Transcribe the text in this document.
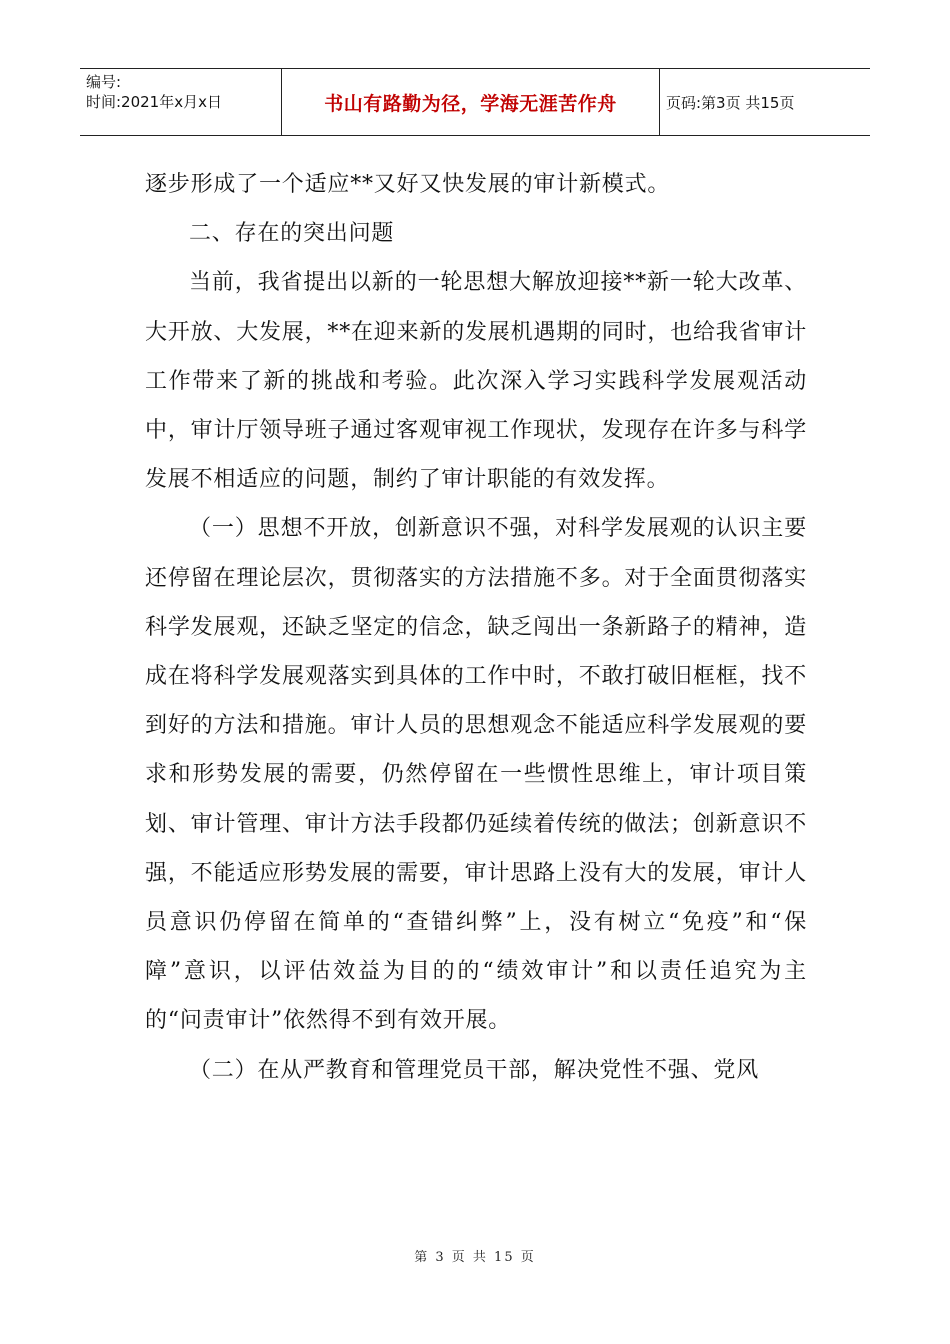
编号:
时间:2021年x月x日	书山有路勤为径，学海无涯苦作舟	页码:第3页 共15页

逐步形成了一个适应**又好又快发展的审计新模式。

二、存在的突出问题

当前，我省提出以新的一轮思想大解放迎接**新一轮大改革、大开放、大发展，**在迎来新的发展机遇期的同时，也给我省审计工作带来了新的挑战和考验。此次深入学习实践科学发展观活动中，审计厅领导班子通过客观审视工作现状，发现存在许多与科学发展不相适应的问题，制约了审计职能的有效发挥。

（一）思想不开放，创新意识不强，对科学发展观的认识主要还停留在理论层次，贯彻落实的方法措施不多。对于全面贯彻落实科学发展观，还缺乏坚定的信念，缺乏闯出一条新路子的精神，造成在将科学发展观落实到具体的工作中时，不敢打破旧框框，找不到好的方法和措施。审计人员的思想观念不能适应科学发展观的要求和形势发展的需要，仍然停留在一些惯性思维上，审计项目策划、审计管理、审计方法手段都仍延续着传统的做法；创新意识不强，不能适应形势发展的需要，审计思路上没有大的发展，审计人员意识仍停留在简单的“查错纠弊”上，没有树立“免疫”和“保障”意识，以评估效益为目的的“绩效审计”和以责任追究为主的“问责审计”依然得不到有效开展。

（二）在从严教育和管理党员干部，解决党性不强、党风

第 3 页 共 15 页
